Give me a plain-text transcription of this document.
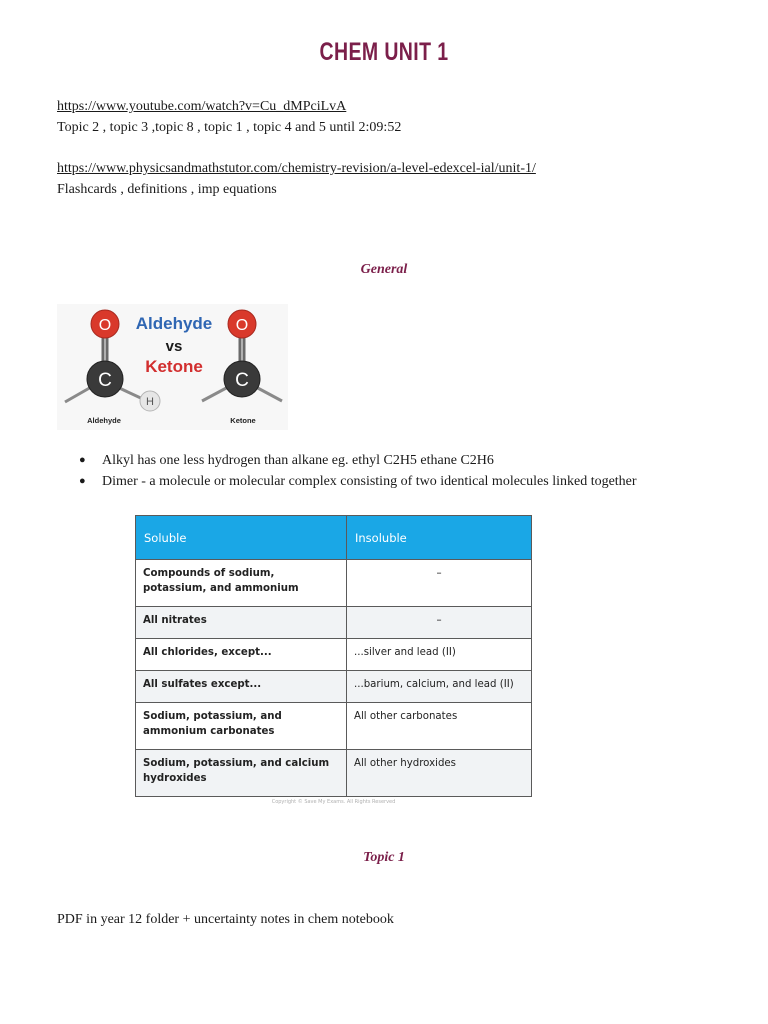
CHEM UNIT 1
https://www.youtube.com/watch?v=Cu_dMPciLvA
Topic 2 , topic 3 ,topic 8 , topic 1 , topic 4 and 5 until 2:09:52
https://www.physicsandmathstutor.com/chemistry-revision/a-level-edexcel-ial/unit-1/
Flashcards , definitions , imp equations
General
O
C
H
O
C
Aldehyde
vs
Ketone
Aldehyde	Ketone
● Alkyl has one less hydrogen than alkane eg. ethyl C2H5 ethane C2H6
● Dimer - a molecule or molecular complex consisting of two identical molecules linked together
Soluble	Insoluble
Compounds of sodium, potassium, and ammonium	–
All nitrates	–
All chlorides, except...	...silver and lead (II)
All sulfates except...	...barium, calcium, and lead (II)
Sodium, potassium, and ammonium carbonates	All other carbonates
Sodium, potassium, and calcium hydroxides	All other hydroxides
Copyright © Save My Exams. All Rights Reserved
Topic 1
PDF in year 12 folder + uncertainty notes in chem notebook
